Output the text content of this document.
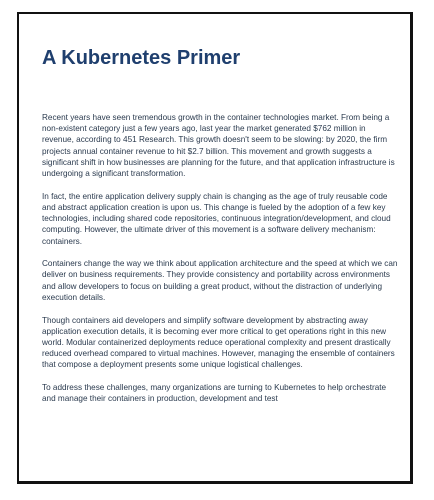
A Kubernetes Primer

Recent years have seen tremendous growth in the container technologies market. From being a non-existent category just a few years ago, last year the market generated $762 million in revenue, according to 451 Research. This growth doesn't seem to be slowing: by 2020, the firm projects annual container revenue to hit $2.7 billion. This movement and growth suggests a significant shift in how businesses are planning for the future, and that application infrastructure is undergoing a significant transformation.

In fact, the entire application delivery supply chain is changing as the age of truly reusable code and abstract application creation is upon us. This change is fueled by the adoption of a few key technologies, including shared code repositories, continuous integration/development, and cloud computing. However, the ultimate driver of this movement is a software delivery mechanism: containers.

Containers change the way we think about application architecture and the speed at which we can deliver on business requirements. They provide consistency and portability across environments and allow developers to focus on building a great product, without the distraction of underlying execution details.

Though containers aid developers and simplify software development by abstracting away application execution details, it is becoming ever more critical to get operations right in this new world. Modular containerized deployments reduce operational complexity and present drastically reduced overhead compared to virtual machines. However, managing the ensemble of containers that compose a deployment presents some unique logistical challenges.

To address these challenges, many organizations are turning to Kubernetes to help orchestrate and manage their containers in production, development and test
